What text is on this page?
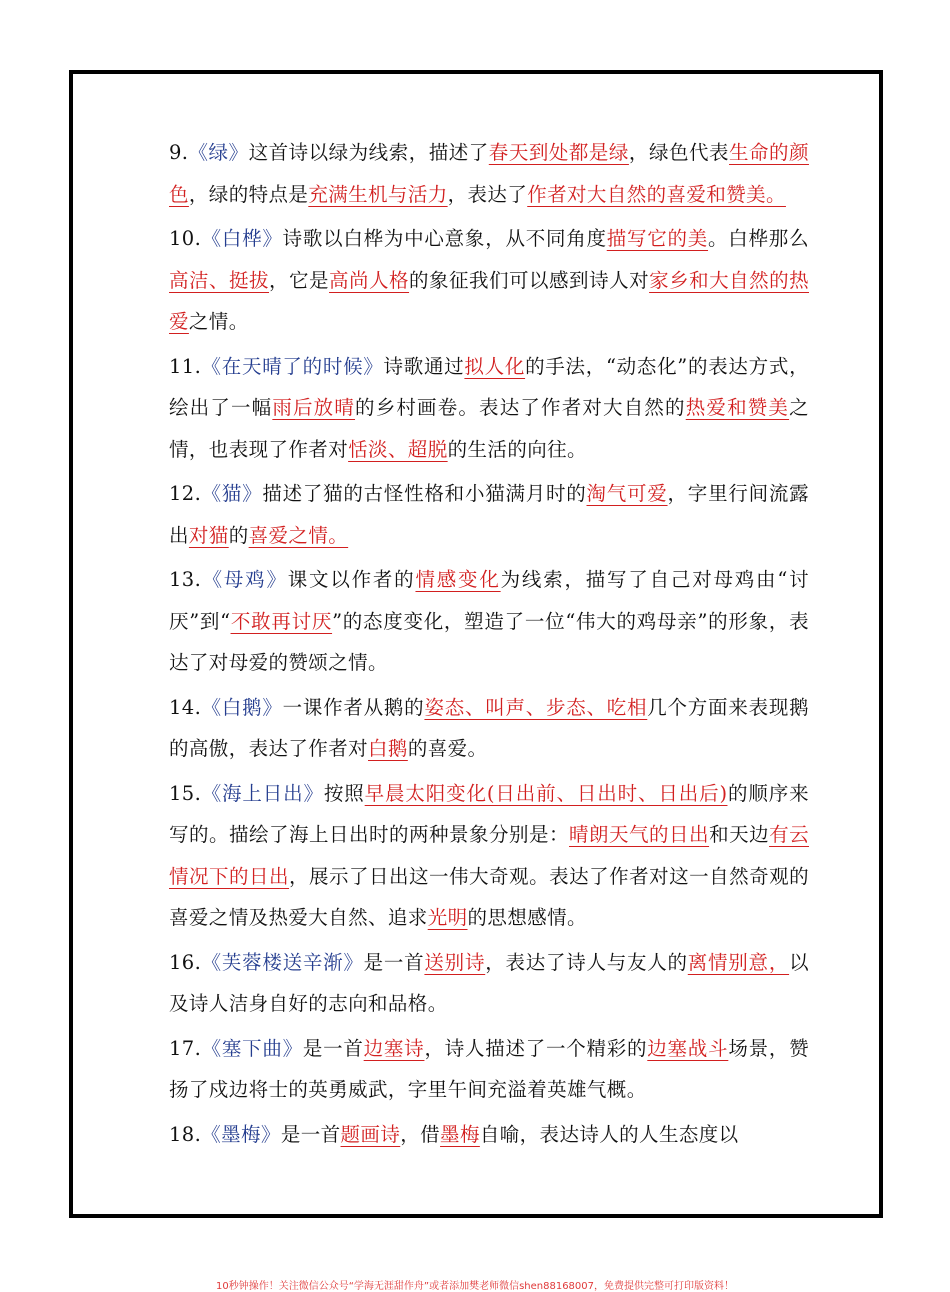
9.《绿》这首诗以绿为线索，描述了春天到处都是绿，绿色代表生命的颜色，绿的特点是充满生机与活力，表达了作者对大自然的喜爱和赞美。

10.《白桦》诗歌以白桦为中心意象，从不同角度描写它的美。白桦那么高洁、挺拔，它是高尚人格的象征我们可以感到诗人对家乡和大自然的热爱之情。

11.《在天晴了的时候》诗歌通过拟人化的手法，“动态化”的表达方式，绘出了一幅雨后放晴的乡村画卷。表达了作者对大自然的热爱和赞美之情，也表现了作者对恬淡、超脱的生活的向往。

12.《猫》描述了猫的古怪性格和小猫满月时的淘气可爱，字里行间流露出对猫的喜爱之情。

13.《母鸡》课文以作者的情感变化为线索，描写了自己对母鸡由“讨厌”到“不敢再讨厌”的态度变化，塑造了一位“伟大的鸡母亲”的形象，表达了对母爱的赞颂之情。

14.《白鹅》一课作者从鹅的姿态、叫声、步态、吃相几个方面来表现鹅的高傲，表达了作者对白鹅的喜爱。

15.《海上日出》按照早晨太阳变化(日出前、日出时、日出后)的顺序来写的。描绘了海上日出时的两种景象分别是：晴朗天气的日出和天边有云情况下的日出，展示了日出这一伟大奇观。表达了作者对这一自然奇观的喜爱之情及热爱大自然、追求光明的思想感情。

16.《芙蓉楼送辛渐》是一首送别诗，表达了诗人与友人的离情别意，以及诗人洁身自好的志向和品格。

17.《塞下曲》是一首边塞诗，诗人描述了一个精彩的边塞战斗场景，赞扬了戍边将士的英勇威武，字里午间充溢着英雄气概。

18.《墨梅》是一首题画诗，借墨梅自喻，表达诗人的人生态度以

10秒钟操作！关注微信公众号“学海无涯甜作舟”或者添加樊老师微信shen88168007，免费提供完整可打印版资料！
